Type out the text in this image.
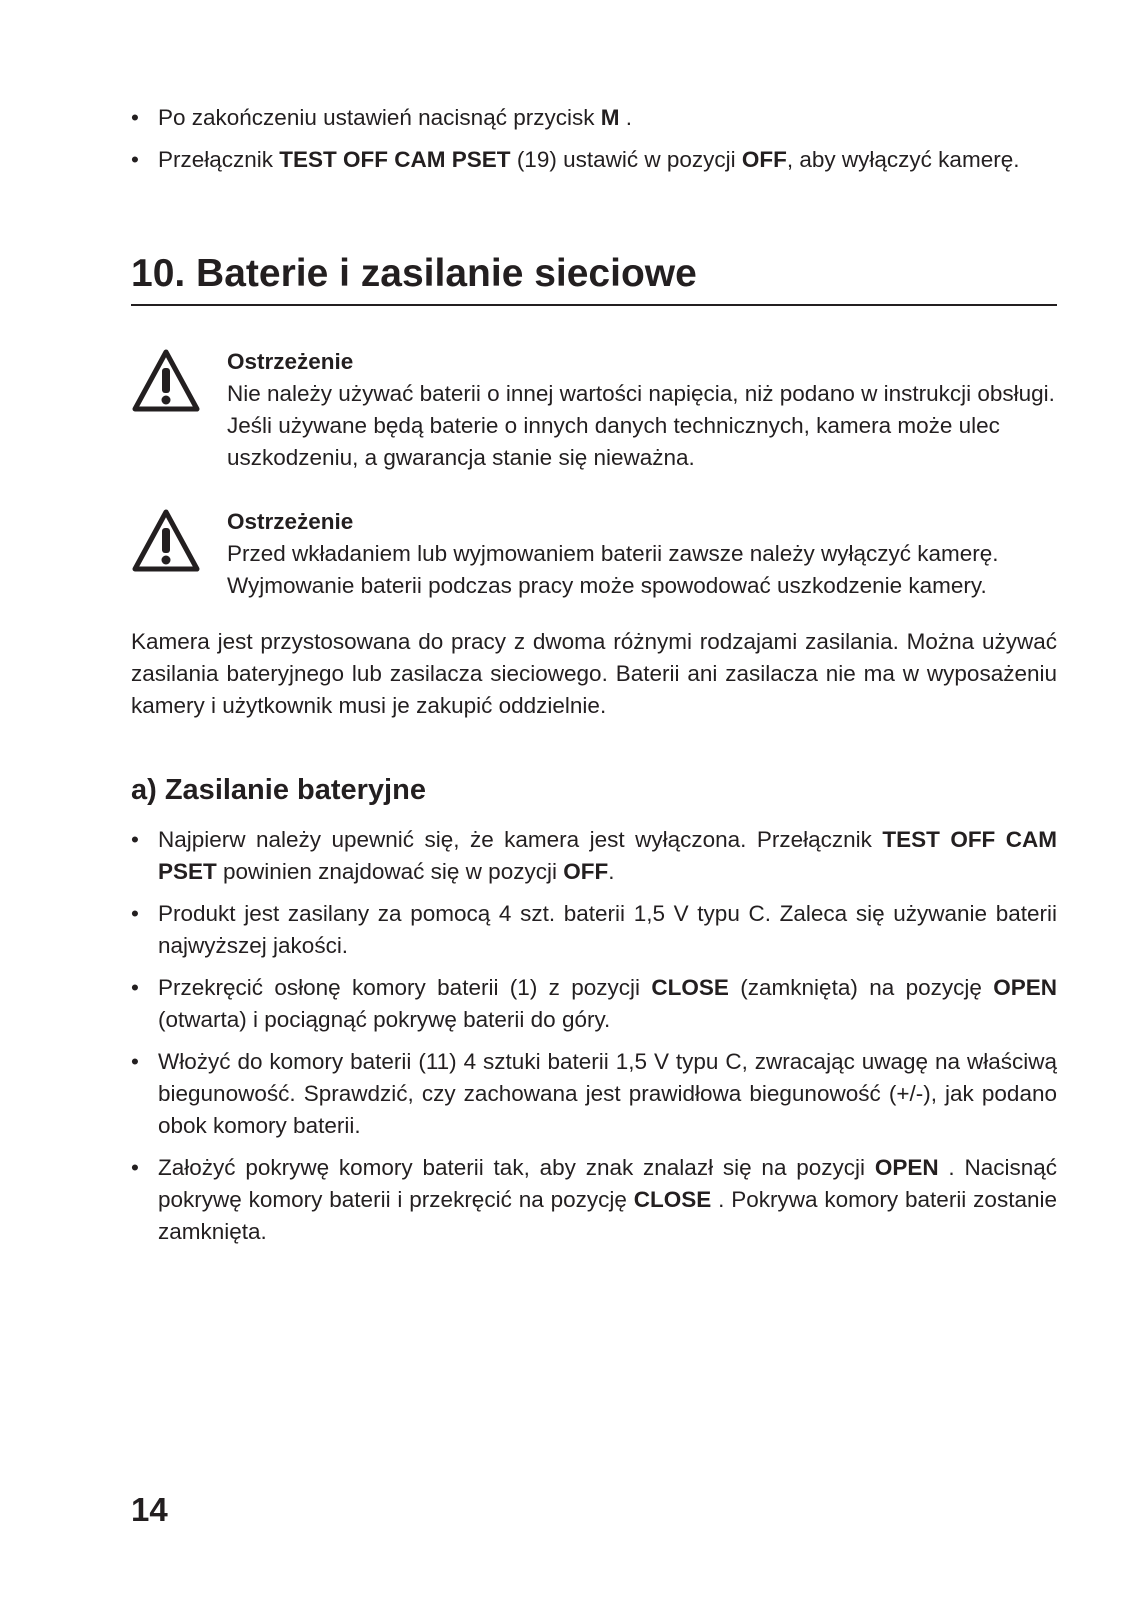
• Po zakończeniu ustawień nacisnąć przycisk M .
• Przełącznik TEST OFF CAM PSET (19) ustawić w pozycji OFF, aby wyłączyć kamerę.
10. Baterie i zasilanie sieciowe
Ostrzeżenie
Nie należy używać baterii o innej wartości napięcia, niż podano w instrukcji obsługi.
Jeśli używane będą baterie o innych danych technicznych, kamera może ulec
uszkodzeniu, a gwarancja stanie się nieważna.
Ostrzeżenie
Przed wkładaniem lub wyjmowaniem baterii zawsze należy wyłączyć kamerę.
Wyjmowanie baterii podczas pracy może spowodować uszkodzenie kamery.

Kamera jest przystosowana do pracy z dwoma różnymi rodzajami zasilania. Można używać zasilania bateryjnego lub zasilacza sieciowego. Baterii ani zasilacza nie ma w wyposażeniu kamery i użytkownik musi je zakupić oddzielnie.

a) Zasilanie bateryjne
• Najpierw należy upewnić się, że kamera jest wyłączona. Przełącznik TEST OFF CAM PSET powinien znajdować się w pozycji OFF.
• Produkt jest zasilany za pomocą 4 szt. baterii 1,5 V typu C. Zaleca się używanie baterii najwyższej jakości.
• Przekręcić osłonę komory baterii (1) z pozycji CLOSE (zamknięta) na pozycję OPEN (otwarta) i pociągnąć pokrywę baterii do góry.
• Włożyć do komory baterii (11) 4 sztuki baterii 1,5 V typu C, zwracając uwagę na właściwą biegunowość. Sprawdzić, czy zachowana jest prawidłowa biegunowość (+/-), jak podano obok komory baterii.
• Założyć pokrywę komory baterii tak, aby znak znalazł się na pozycji OPEN . Nacisnąć pokrywę komory baterii i przekręcić na pozycję CLOSE . Pokrywa komory baterii zostanie zamknięta.
14
